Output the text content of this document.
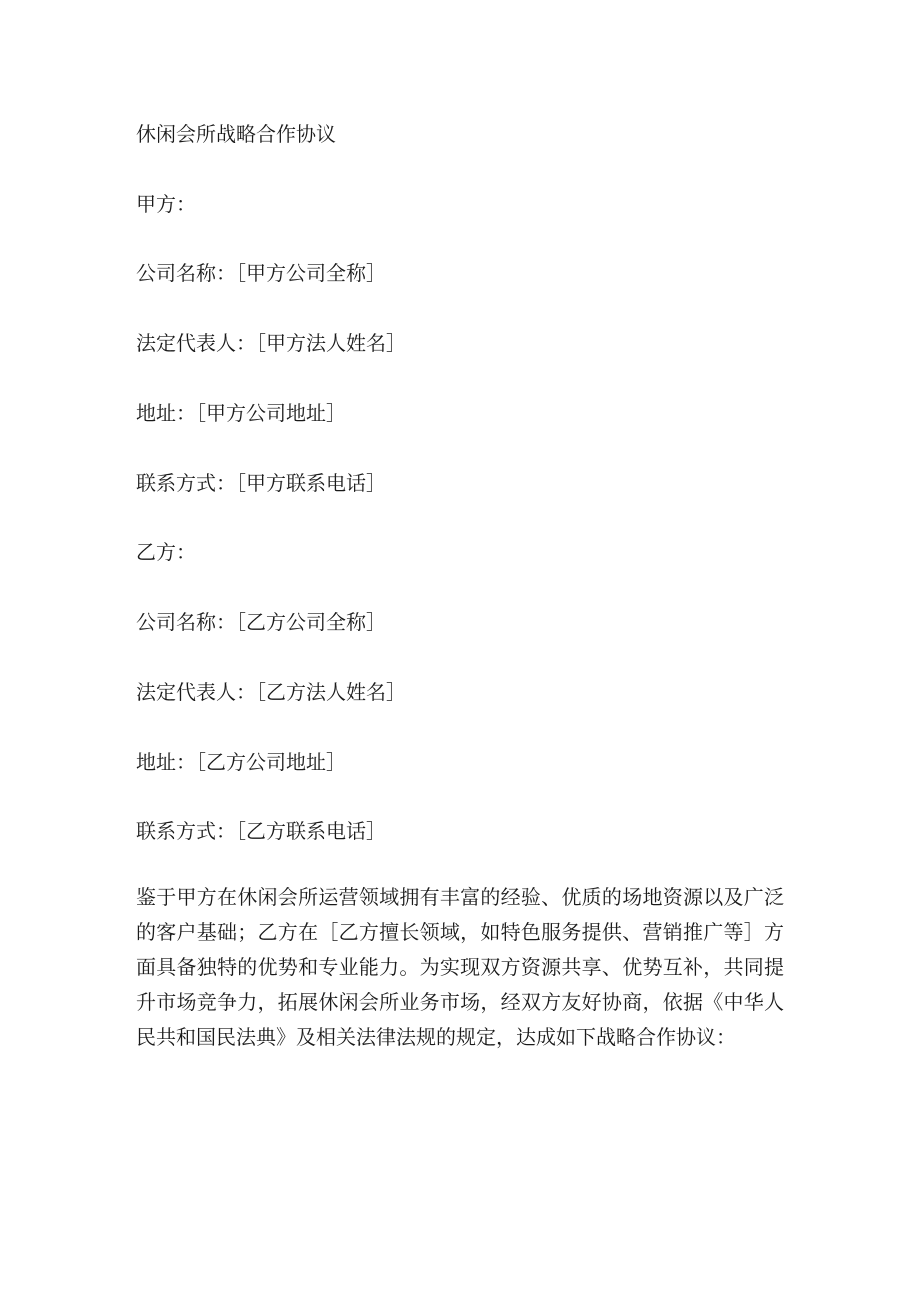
休闲会所战略合作协议
甲方：
公司名称：［甲方公司全称］
法定代表人：［甲方法人姓名］
地址：［甲方公司地址］
联系方式：［甲方联系电话］
乙方：
公司名称：［乙方公司全称］
法定代表人：［乙方法人姓名］
地址：［乙方公司地址］
联系方式：［乙方联系电话］
鉴于甲方在休闲会所运营领域拥有丰富的经验、优质的场地资源以及广泛的客户基础；乙方在［乙方擅长领域，如特色服务提供、营销推广等］方面具备独特的优势和专业能力。为实现双方资源共享、优势互补，共同提升市场竞争力，拓展休闲会所业务市场，经双方友好协商，依据《中华人民共和国民法典》及相关法律法规的规定，达成如下战略合作协议：
